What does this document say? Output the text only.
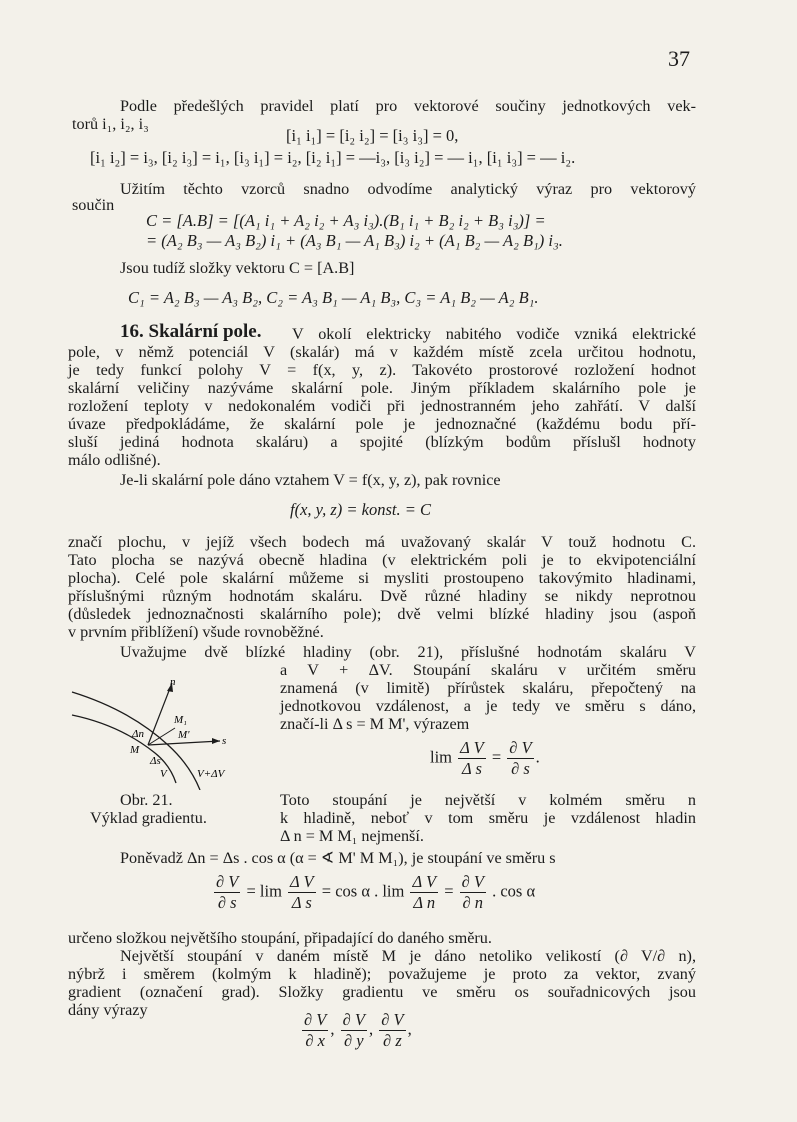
37
Podle předešlých pravidel platí pro vektorové součiny jednotkových vek-
torů i₁, i₂, i₃
[i₁ i₁] = [i₂ i₂] = [i₃ i₃] = 0,
[i₁ i₂] = i₃, [i₂ i₃] = i₁, [i₃ i₁] = i₂, [i₂ i₁] = —i₃, [i₃ i₂] = — i₁, [i₁ i₃] = — i₂.
Užitím těchto vzorců snadno odvodíme analytický výraz pro vektorový
součin
C = [A.B] = [(A₁ i₁ + A₂ i₂ + A₃ i₃).(B₁ i₁ + B₂ i₂ + B₃ i₃)] =
= (A₂ B₃ — A₃ B₂) i₁ + (A₃ B₁ — A₁ B₃) i₂ + (A₁ B₂ — A₂ B₁) i₃.
Jsou tudíž složky vektoru C = [A.B]
C₁ = A₂ B₃ — A₃ B₂, C₂ = A₃ B₁ — A₁ B₃, C₃ = A₁ B₂ — A₂ B₁.
16. Skalární pole. V okolí elektricky nabitého vodiče vzniká elektrické
pole, v němž potenciál V (skalár) má v každém místě zcela určitou hodnotu,
je tedy funkcí polohy V = f(x, y, z). Takovéto prostorové rozložení hodnot
skalární veličiny nazýváme skalární pole. Jiným příkladem skalárního pole je
rozložení teploty v nedokonalém vodiči při jednostranném jeho zahřátí. V další
úvaze předpokládáme, že skalární pole je jednoznačné (každému bodu pří-
sluší jediná hodnota skaláru) a spojité (blízkým bodům příslušl hodnoty
málo odlišné).
Je-li skalární pole dáno vztahem V = f(x, y, z), pak rovnice
f(x, y, z) = konst. = C
značí plochu, v jejíž všech bodech má uvažovaný skalár V touž hodnotu C.
Tato plocha se nazývá obecně hladina (v elektrickém poli je to ekvipotenciální
plocha). Celé pole skalární můžeme si mysliti prostoupeno takovýmito hladinami,
příslušnými různým hodnotám skaláru. Dvě různé hladiny se nikdy neprotnou
(důsledek jednoznačnosti skalárního pole); dvě velmi blízké hladiny jsou (aspoň
v prvním přiblížení) všude rovnoběžné.
Uvažujme dvě blízké hladiny (obr. 21), příslušné hodnotám skaláru V
a V + ΔV. Stoupání skaláru v určitém směru
znamená (v limitě) přírůstek skaláru, přepočtený na
jednotkovou vzdálenost, a je tedy ve směru s dáno,
značí-li Δ s = M M', výrazem
$\lim \frac{\text{Δ V}}{\text{Δ s}} = \frac{\partial V}{\partial s}$ .
n
M₁
M'
Δn
Δs
M
s
V	V+ΔV
Obr. 21.
Výklad gradientu.
Toto stoupání je největší v kolmém směru n
k hladině, neboť v tom směru je vzdálenost hladin
Δ n = M M₁ nejmenší.
Poněvadž Δn = Δs . cos α (α = ∢ M' M M₁), je stoupání ve směru s
$\frac{\partial V}{\partial s} = \lim \frac{\text{Δ V}}{\text{Δ s}} = \cos \alpha$ . $\lim \frac{\text{Δ V}}{\text{Δ n}} = \frac{\partial V}{\partial n}$ . cos α
určeno složkou největšího stoupání, připadající do daného směru.
Největší stoupání v daném místě M je dáno netoliko velikostí (∂ V/∂ n),
nýbrž i směrem (kolmým k hladině); považujeme je proto za vektor, zvaný
gradient (označení grad). Složky gradientu ve směru os souřadnicových jsou
dány výrazy	$\frac{\partial V}{\partial x}$ , $\frac{\partial V}{\partial y}$ , $\frac{\partial V}{\partial z}$ ,
